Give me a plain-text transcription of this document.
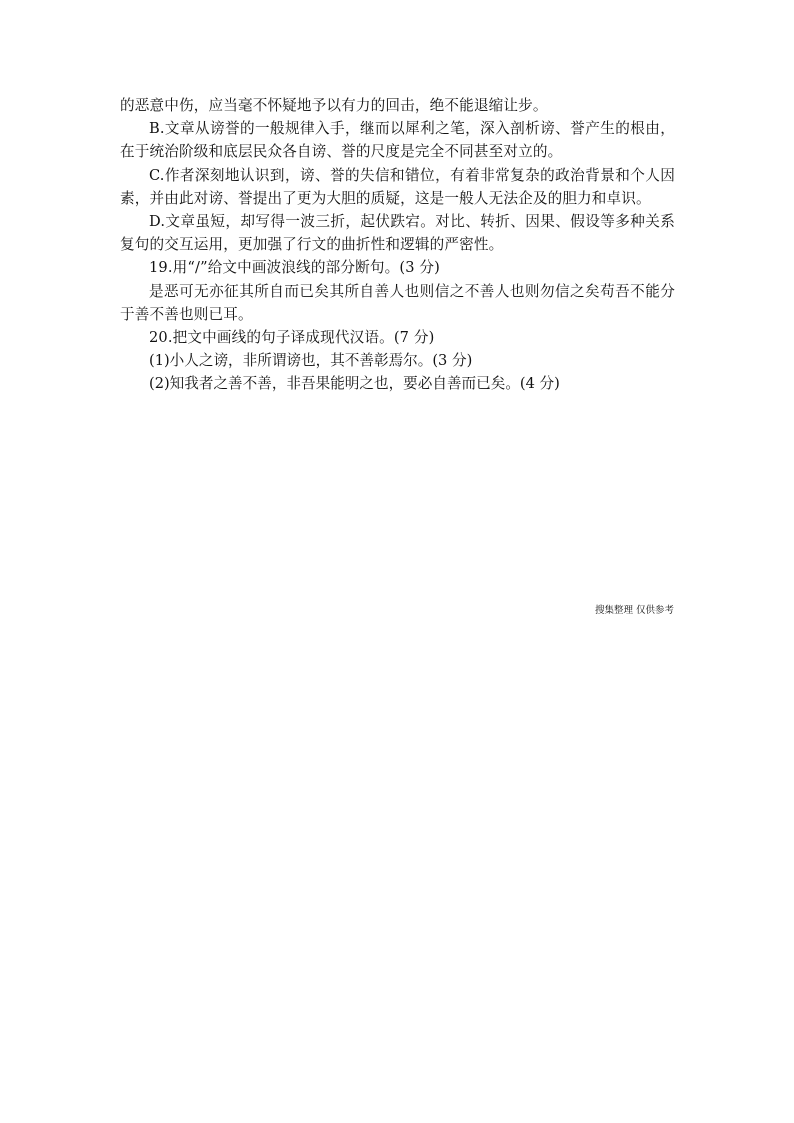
的恶意中伤，应当毫不怀疑地予以有力的回击，绝不能退缩让步。

B.文章从谤誉的一般规律入手，继而以犀利之笔，深入剖析谤、誉产生的根由，在于统治阶级和底层民众各自谤、誉的尺度是完全不同甚至对立的。

C.作者深刻地认识到，谤、誉的失信和错位，有着非常复杂的政治背景和个人因素，并由此对谤、誉提出了更为大胆的质疑，这是一般人无法企及的胆力和卓识。

D.文章虽短，却写得一波三折，起伏跌宕。对比、转折、因果、假设等多种关系复句的交互运用，更加强了行文的曲折性和逻辑的严密性。

19.用“/”给文中画波浪线的部分断句。(3 分)

是恶可无亦征其所自而已矣其所自善人也则信之不善人也则勿信之矣苟吾不能分于善不善也则已耳。

20.把文中画线的句子译成现代汉语。(7 分)

(1)小人之谤，非所谓谤也，其不善彰焉尔。(3 分)

(2)知我者之善不善，非吾果能明之也，要必自善而已矣。(4 分)

搜集整理 仅供参考
